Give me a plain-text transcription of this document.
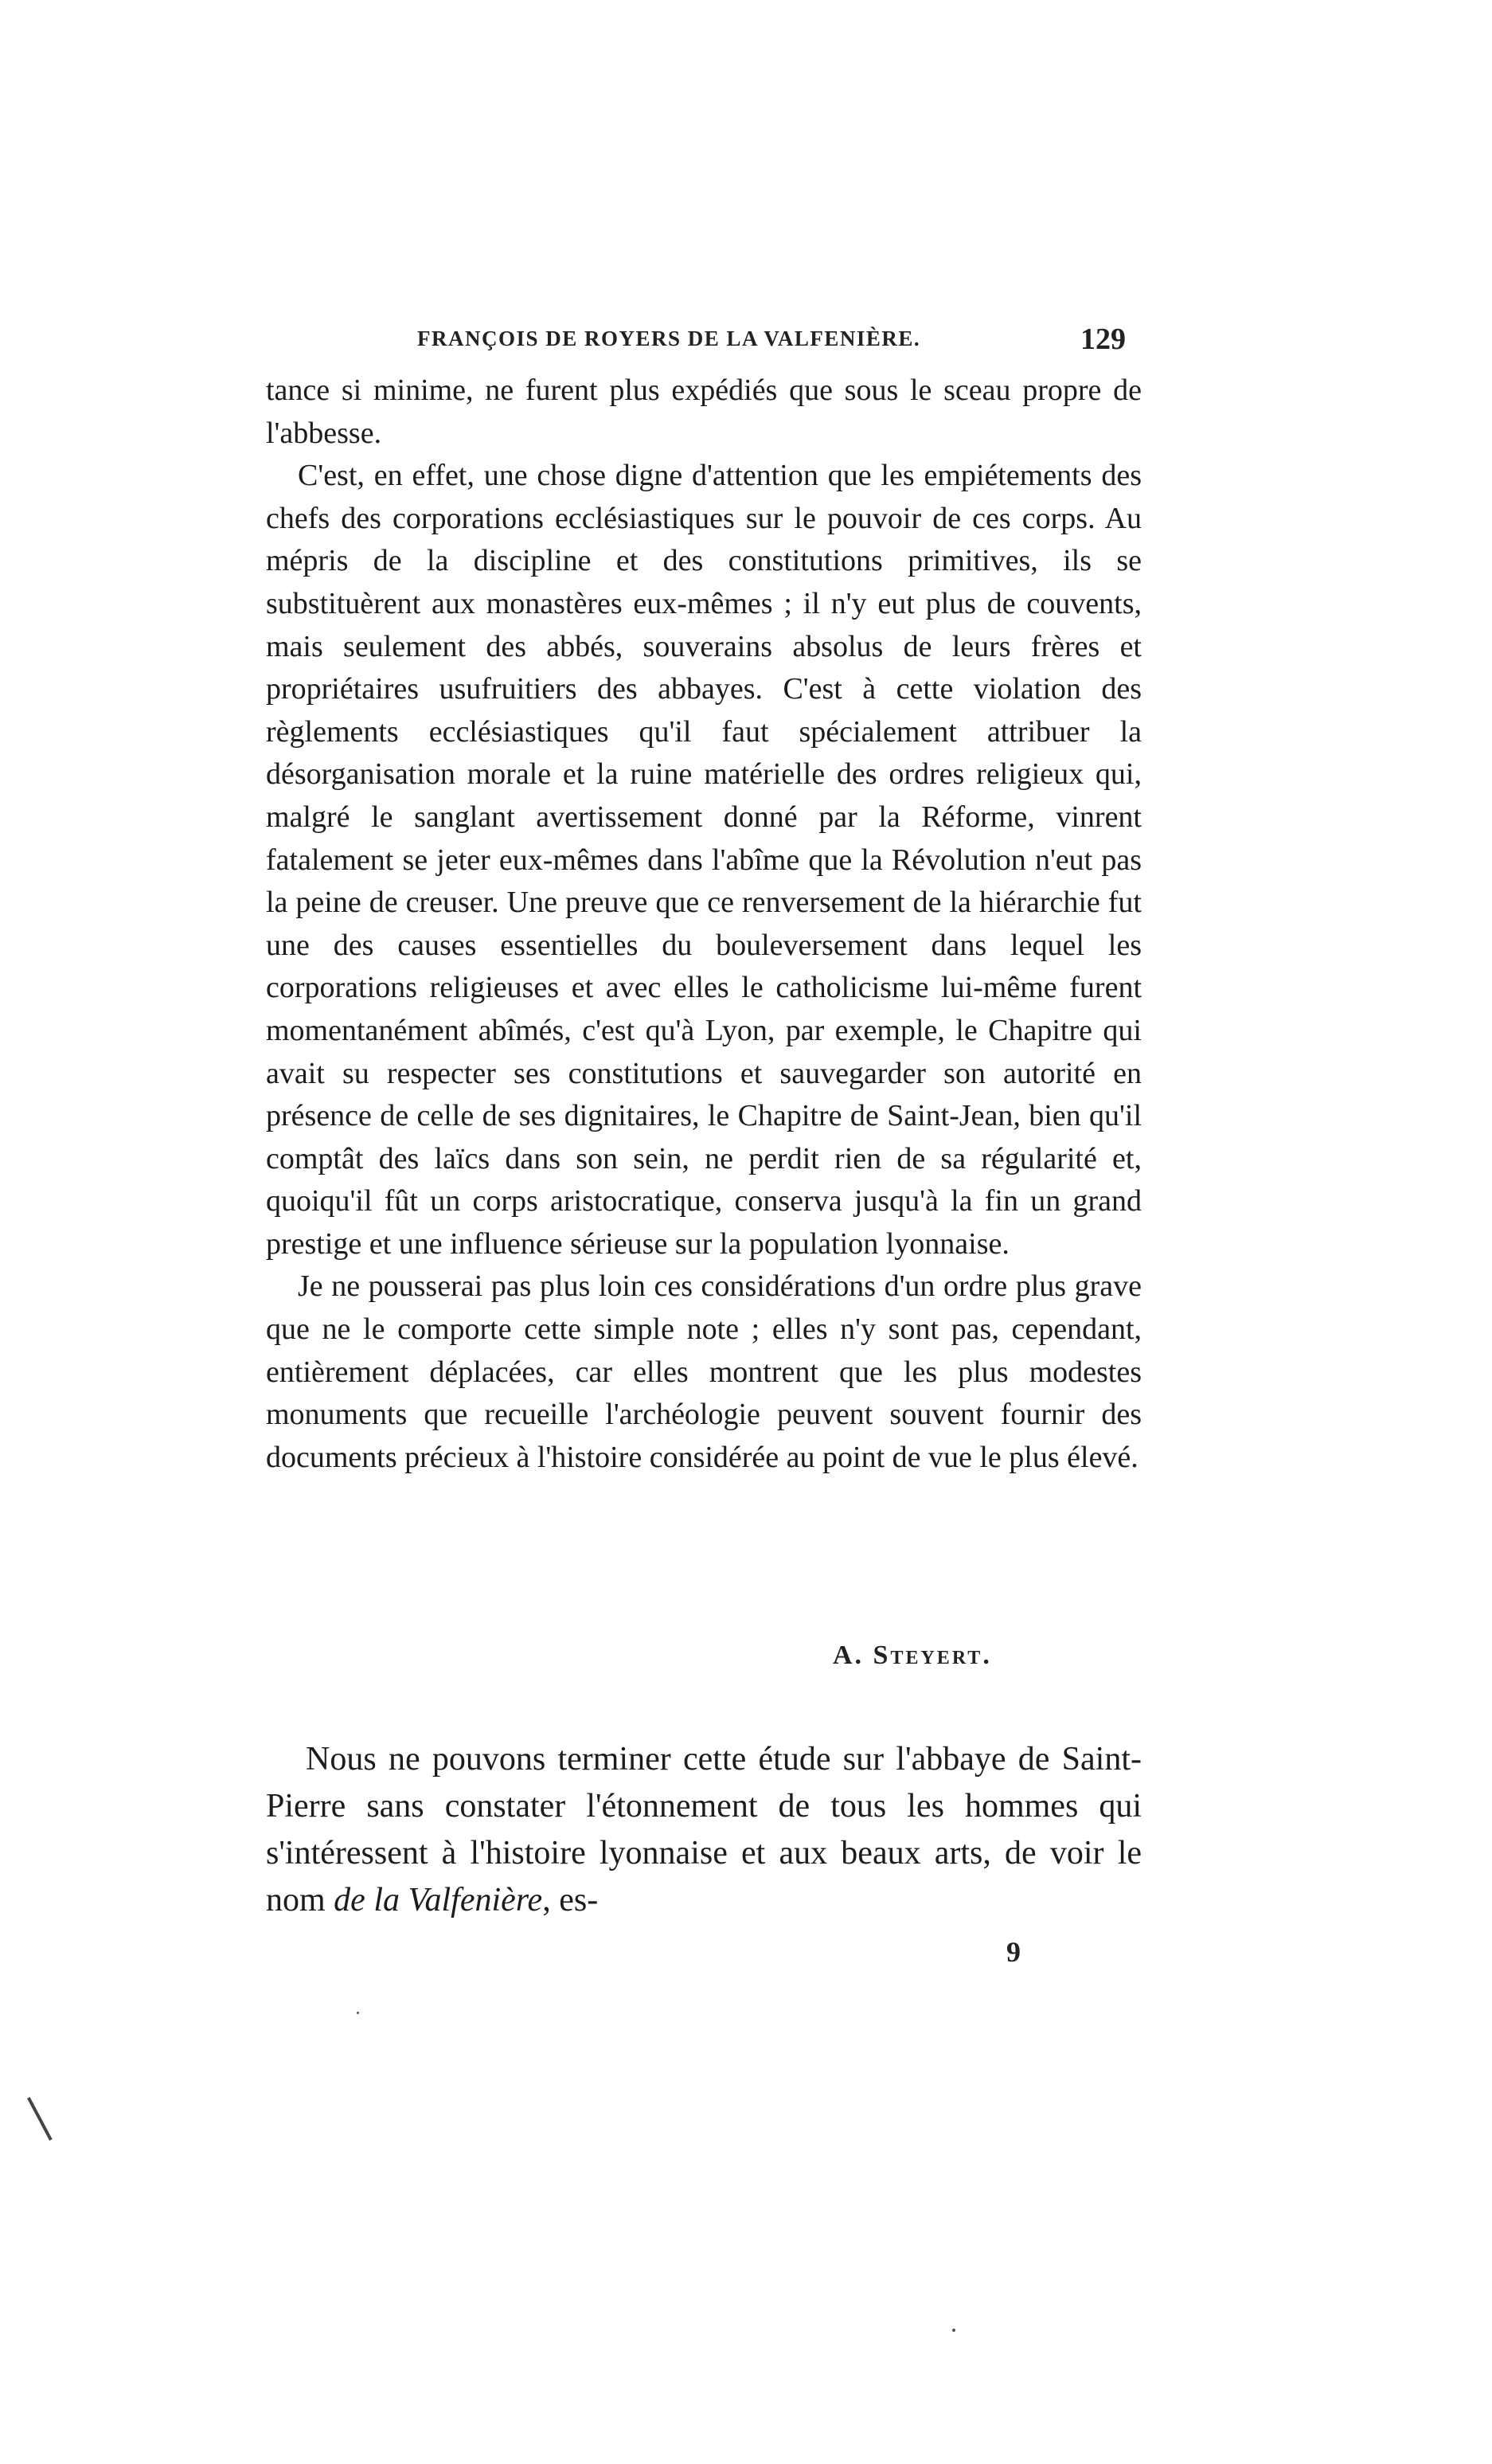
FRANÇOIS DE ROYERS DE LA VALFENIÈRE.	129

tance si minime, ne furent plus expédiés que sous le sceau propre de l'abbesse.

C'est, en effet, une chose digne d'attention que les empiétements des chefs des corporations ecclésiastiques sur le pouvoir de ces corps. Au mépris de la discipline et des constitutions primitives, ils se substituèrent aux monastères eux-mêmes ; il n'y eut plus de couvents, mais seulement des abbés, souverains absolus de leurs frères et propriétaires usufruitiers des abbayes. C'est à cette violation des règlements ecclésiastiques qu'il faut spécialement attribuer la désorganisation morale et la ruine matérielle des ordres religieux qui, malgré le sanglant avertissement donné par la Réforme, vinrent fatalement se jeter eux-mêmes dans l'abîme que la Révolution n'eut pas la peine de creuser. Une preuve que ce renversement de la hiérarchie fut une des causes essentielles du bouleversement dans lequel les corporations religieuses et avec elles le catholicisme lui-même furent momentanément abîmés, c'est qu'à Lyon, par exemple, le Chapitre qui avait su respecter ses constitutions et sauvegarder son autorité en présence de celle de ses dignitaires, le Chapitre de Saint-Jean, bien qu'il comptât des laïcs dans son sein, ne perdit rien de sa régularité et, quoiqu'il fût un corps aristocratique, conserva jusqu'à la fin un grand prestige et une influence sérieuse sur la population lyonnaise.

Je ne pousserai pas plus loin ces considérations d'un ordre plus grave que ne le comporte cette simple note ; elles n'y sont pas, cependant, entièrement déplacées, car elles montrent que les plus modestes monuments que recueille l'archéologie peuvent souvent fournir des documents précieux à l'histoire considérée au point de vue le plus élevé.

A. Steyert.

Nous ne pouvons terminer cette étude sur l'abbaye de Saint-Pierre sans constater l'étonnement de tous les hommes qui s'intéressent à l'histoire lyonnaise et aux beaux arts, de voir le nom de la Valfenière, es-

9
